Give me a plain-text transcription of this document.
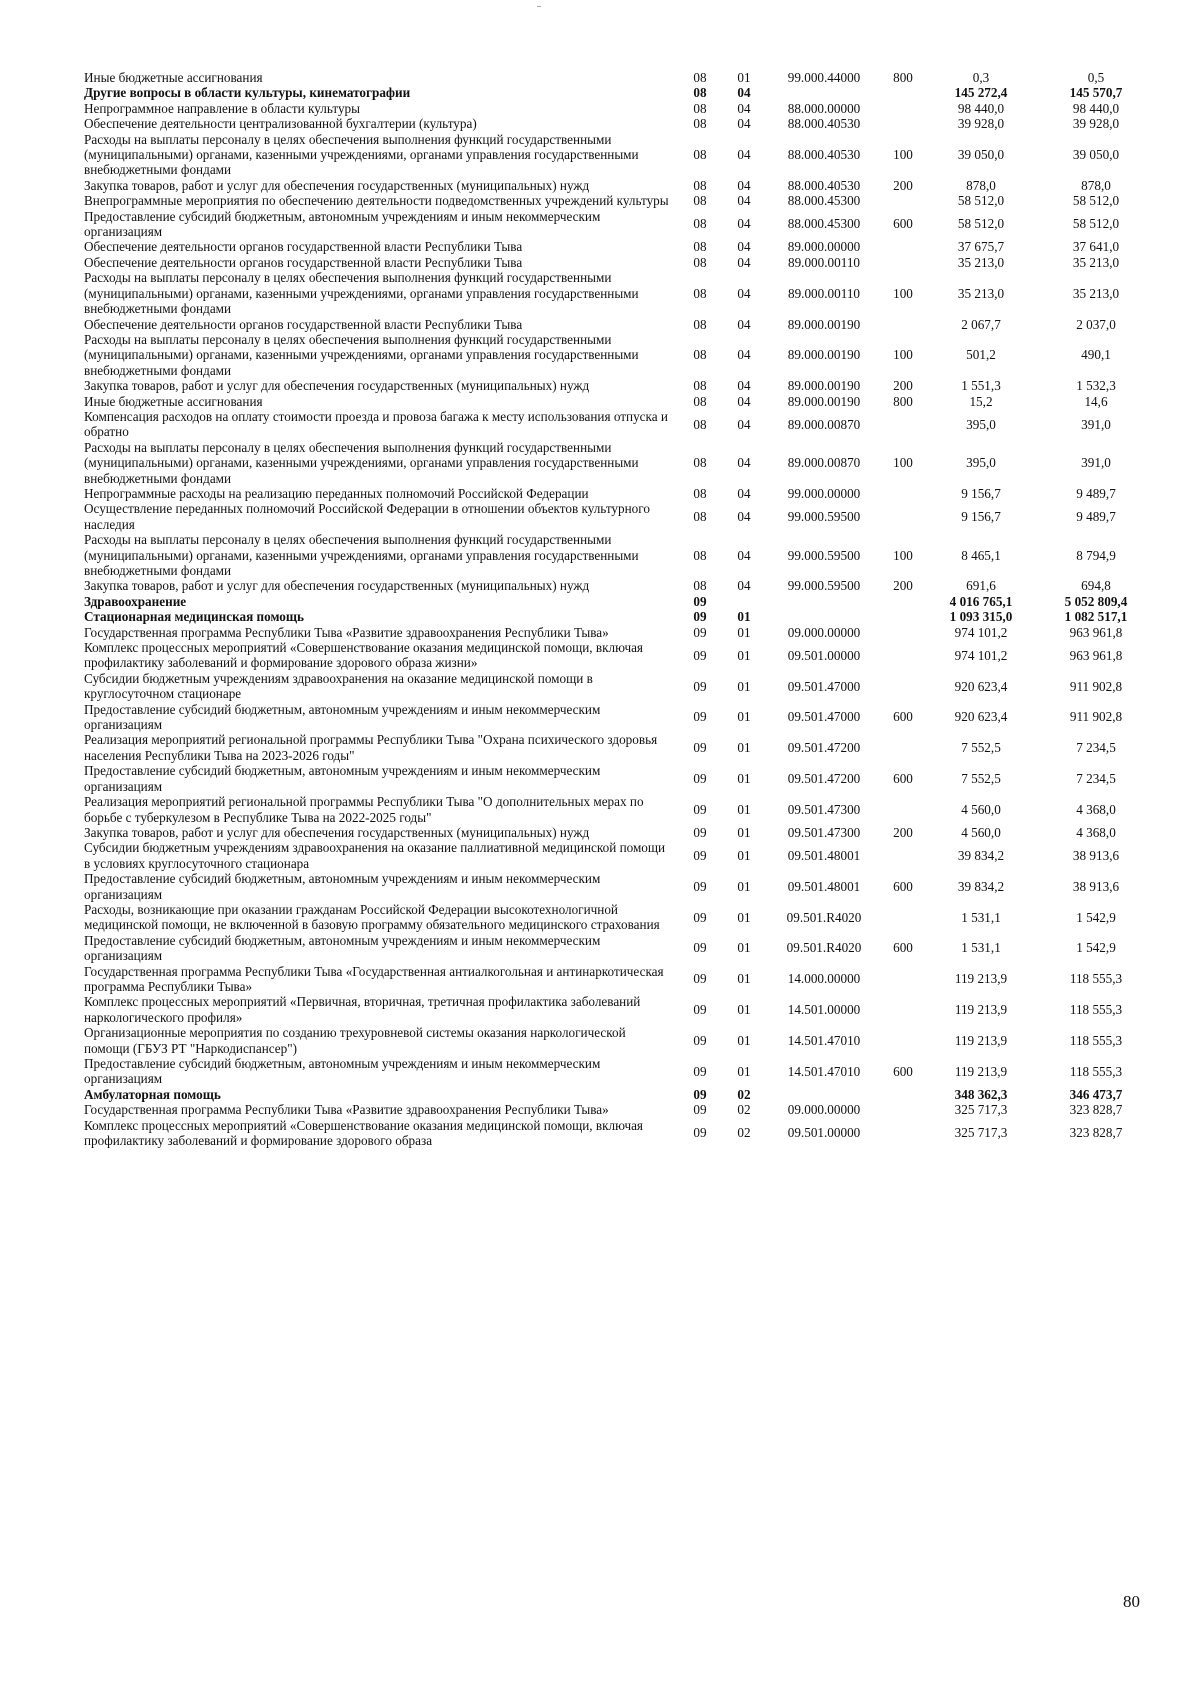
¨
Иные бюджетные ассигнования	08	01	99.000.44000	800	0,3	0,5
Другие вопросы в области культуры, кинематографии	08	04			145 272,4	145 570,7
Непрограммное направление в области культуры	08	04	88.000.00000		98 440,0	98 440,0
Обеспечение деятельности централизованной бухгалтерии (культура)	08	04	88.000.40530		39 928,0	39 928,0
Расходы на выплаты персоналу в целях обеспечения выполнения функций государственными (муниципальными) органами, казенными учреждениями, органами управления государственными внебюджетными фондами	08	04	88.000.40530	100	39 050,0	39 050,0
Закупка товаров, работ и услуг для обеспечения государственных (муниципальных) нужд	08	04	88.000.40530	200	878,0	878,0
Внепрограммные мероприятия по обеспечению деятельности подведомственных учреждений культуры	08	04	88.000.45300		58 512,0	58 512,0
Предоставление субсидий бюджетным, автономным учреждениям и иным некоммерческим организациям	08	04	88.000.45300	600	58 512,0	58 512,0
Обеспечение деятельности органов государственной власти Республики Тыва	08	04	89.000.00000		37 675,7	37 641,0
Обеспечение деятельности органов государственной власти Республики Тыва	08	04	89.000.00110		35 213,0	35 213,0
Расходы на выплаты персоналу в целях обеспечения выполнения функций государственными (муниципальными) органами, казенными учреждениями, органами управления государственными внебюджетными фондами	08	04	89.000.00110	100	35 213,0	35 213,0
Обеспечение деятельности органов государственной власти Республики Тыва	08	04	89.000.00190		2 067,7	2 037,0
Расходы на выплаты персоналу в целях обеспечения выполнения функций государственными (муниципальными) органами, казенными учреждениями, органами управления государственными внебюджетными фондами	08	04	89.000.00190	100	501,2	490,1
Закупка товаров, работ и услуг для обеспечения государственных (муниципальных) нужд	08	04	89.000.00190	200	1 551,3	1 532,3
Иные бюджетные ассигнования	08	04	89.000.00190	800	15,2	14,6
Компенсация расходов на оплату стоимости проезда и провоза багажа к месту использования отпуска и обратно	08	04	89.000.00870		395,0	391,0
Расходы на выплаты персоналу в целях обеспечения выполнения функций государственными (муниципальными) органами, казенными учреждениями, органами управления государственными внебюджетными фондами	08	04	89.000.00870	100	395,0	391,0
Непрограммные расходы на реализацию переданных полномочий Российской Федерации	08	04	99.000.00000		9 156,7	9 489,7
Осуществление переданных полномочий Российской Федерации в отношении объектов культурного наследия	08	04	99.000.59500		9 156,7	9 489,7
Расходы на выплаты персоналу в целях обеспечения выполнения функций государственными (муниципальными) органами, казенными учреждениями, органами управления государственными внебюджетными фондами	08	04	99.000.59500	100	8 465,1	8 794,9
Закупка товаров, работ и услуг для обеспечения государственных (муниципальных) нужд	08	04	99.000.59500	200	691,6	694,8
Здравоохранение	09				4 016 765,1	5 052 809,4
Стационарная медицинская помощь	09	01			1 093 315,0	1 082 517,1
Государственная программа Республики Тыва «Развитие здравоохранения Республики Тыва»	09	01	09.000.00000		974 101,2	963 961,8
Комплекс процессных мероприятий «Совершенствование оказания медицинской помощи, включая профилактику заболеваний и формирование здорового образа жизни»	09	01	09.501.00000		974 101,2	963 961,8
Субсидии бюджетным учреждениям здравоохранения на оказание медицинской помощи в круглосуточном стационаре	09	01	09.501.47000		920 623,4	911 902,8
Предоставление субсидий бюджетным, автономным учреждениям и иным некоммерческим организациям	09	01	09.501.47000	600	920 623,4	911 902,8
Реализация мероприятий региональной программы Республики Тыва "Охрана психического здоровья населения Республики Тыва на 2023-2026 годы"	09	01	09.501.47200		7 552,5	7 234,5
Предоставление субсидий бюджетным, автономным учреждениям и иным некоммерческим организациям	09	01	09.501.47200	600	7 552,5	7 234,5
Реализация мероприятий региональной программы Республики Тыва "О дополнительных мерах по борьбе с туберкулезом в Республике Тыва на 2022-2025 годы"	09	01	09.501.47300		4 560,0	4 368,0
Закупка товаров, работ и услуг для обеспечения государственных (муниципальных) нужд	09	01	09.501.47300	200	4 560,0	4 368,0
Субсидии бюджетным учреждениям здравоохранения на оказание паллиативной медицинской помощи в условиях круглосуточного стационара	09	01	09.501.48001		39 834,2	38 913,6
Предоставление субсидий бюджетным, автономным учреждениям и иным некоммерческим организациям	09	01	09.501.48001	600	39 834,2	38 913,6
Расходы, возникающие при оказании гражданам Российской Федерации высокотехнологичной медицинской помощи, не включенной в базовую программу обязательного медицинского страхования	09	01	09.501.R4020		1 531,1	1 542,9
Предоставление субсидий бюджетным, автономным учреждениям и иным некоммерческим организациям	09	01	09.501.R4020	600	1 531,1	1 542,9
Государственная программа Республики Тыва «Государственная антиалкогольная и антинаркотическая программа Республики Тыва»	09	01	14.000.00000		119 213,9	118 555,3
Комплекс процессных мероприятий «Первичная, вторичная, третичная профилактика заболеваний наркологического профиля»	09	01	14.501.00000		119 213,9	118 555,3
Организационные мероприятия по созданию трехуровневой системы оказания наркологической помощи (ГБУЗ РТ "Наркодиспансер")	09	01	14.501.47010		119 213,9	118 555,3
Предоставление субсидий бюджетным, автономным учреждениям и иным некоммерческим организациям	09	01	14.501.47010	600	119 213,9	118 555,3
Амбулаторная помощь	09	02			348 362,3	346 473,7
Государственная программа Республики Тыва «Развитие здравоохранения Республики Тыва»	09	02	09.000.00000		325 717,3	323 828,7
Комплекс процессных мероприятий «Совершенствование оказания медицинской помощи, включая профилактику заболеваний и формирование здорового образа	09	02	09.501.00000		325 717,3	323 828,7
80
